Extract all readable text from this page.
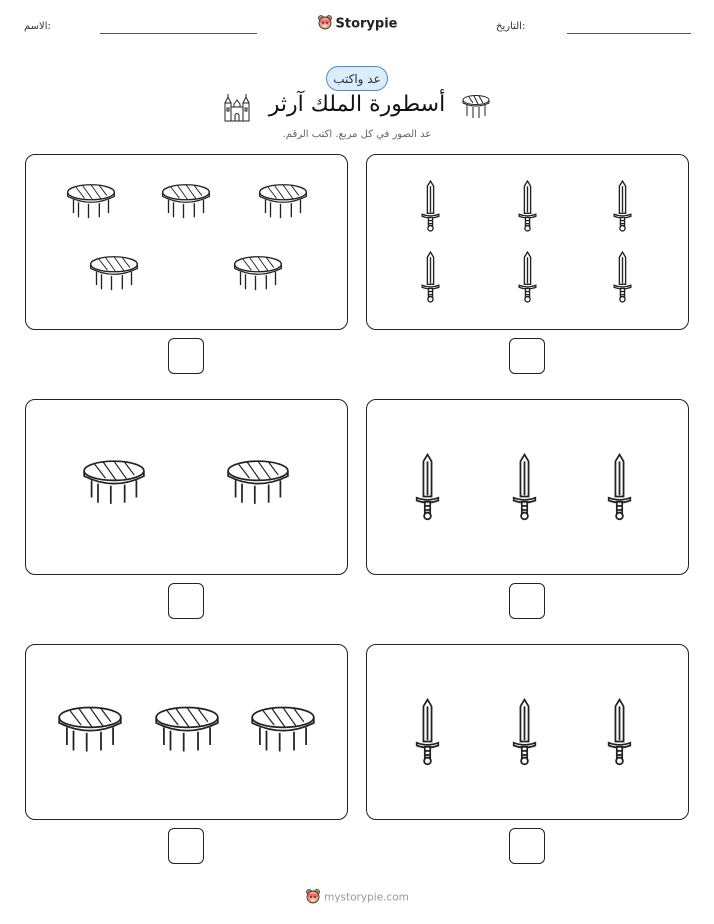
الاسم:	Storypie	التاريخ:
عد واكتب
أسطورة الملك آرثر
عد الصور في كل مربع. اكتب الرقم.
mystorypie.com
